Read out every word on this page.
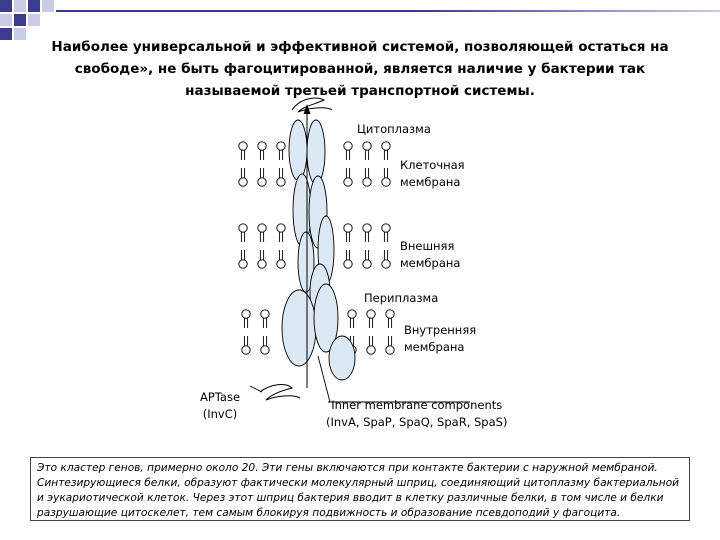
Наиболее универсальной и эффективной системой, позволяющей остаться на свободе», не быть фагоцитированной, является наличие у бактерии так называемой третьей транспортной системы.
Цитоплазма
Клеточная
мембрана
Внешняя
мембрана
Периплазма
Внутренняя
мембрана
APTase
(InvC)
Inner membrane components
(InvA, SpaP, SpaQ, SpaR, SpaS)
Это кластер генов, примерно около 20. Эти гены включаются при контакте бактерии с наружной мембраной. Синтезирующиеся белки, образуют фактически молекулярный шприц, соединяющий цитоплазму бактериальной и эукариотической клеток. Через этот шприц бактерия вводит в клетку различные белки, в том числе и белки разрушающие цитоскелет, тем самым блокируя подвижность и образование псевдоподий у фагоцита.
